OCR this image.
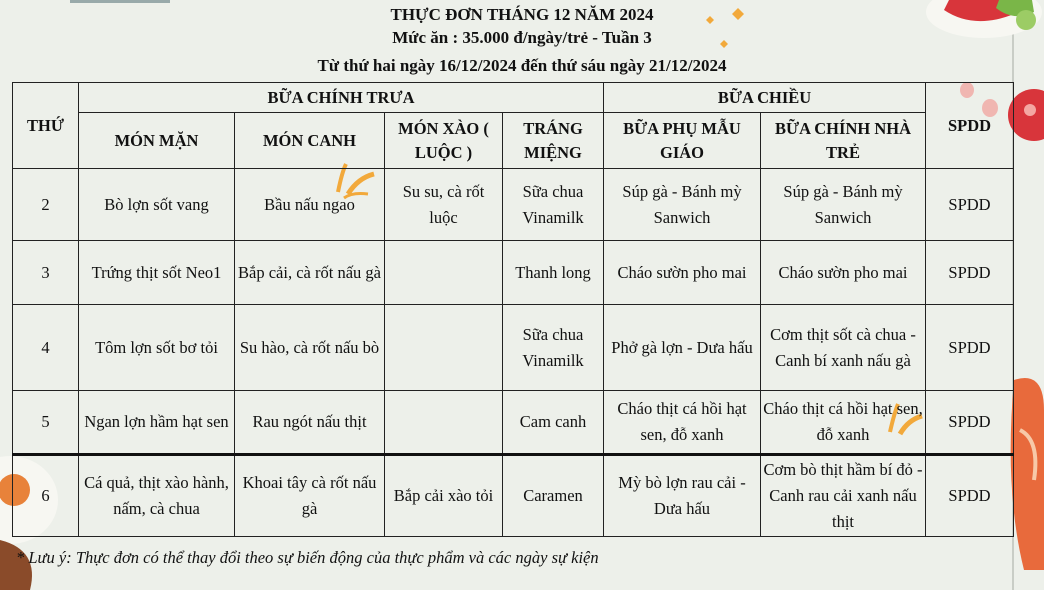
THỰC ĐƠN THÁNG 12 NĂM 2024
Mức ăn : 35.000 đ/ngày/trẻ - Tuần 3
Từ thứ hai ngày 16/12/2024 đến thứ sáu ngày 21/12/2024
THỨ	BỮA CHÍNH TRƯA				BỮA CHIỀU		SPDD
	MÓN MẶN	MÓN CANH	MÓN XÀO ( LUỘC )	TRÁNG MIỆNG	BỮA PHỤ MẪU GIÁO	BỮA CHÍNH NHÀ TRẺ	
2	Bò lợn sốt vang	Bầu nấu ngao	Su su, cà rốt luộc	Sữa chua Vinamilk	Súp gà - Bánh mỳ Sanwich	Súp gà - Bánh mỳ Sanwich	SPDD
3	Trứng thịt sốt Neo1	Bắp cải, cà rốt nấu gà		Thanh long	Cháo sườn pho mai	Cháo sườn pho mai	SPDD
4	Tôm lợn sốt bơ tỏi	Su hào, cà rốt nấu bò		Sữa chua Vinamilk	Phở gà lợn - Dưa hấu	Cơm thịt sốt cà chua - Canh bí xanh nấu gà	SPDD
5	Ngan lợn hầm hạt sen	Rau ngót nấu thịt		Cam canh	Cháo thịt cá hồi hạt sen, đỗ xanh	Cháo thịt cá hồi hạt sen, đỗ xanh	SPDD
6	Cá quả, thịt xào hành, nấm, cà chua	Khoai tây cà rốt nấu gà	Bắp cải xào tỏi	Caramen	Mỳ bò lợn rau cải - Dưa hấu	Cơm bò thịt hầm bí đỏ - Canh rau cải xanh nấu thịt	SPDD
* Lưu ý: Thực đơn có thể thay đổi theo sự biến động của thực phẩm và các ngày sự kiện
